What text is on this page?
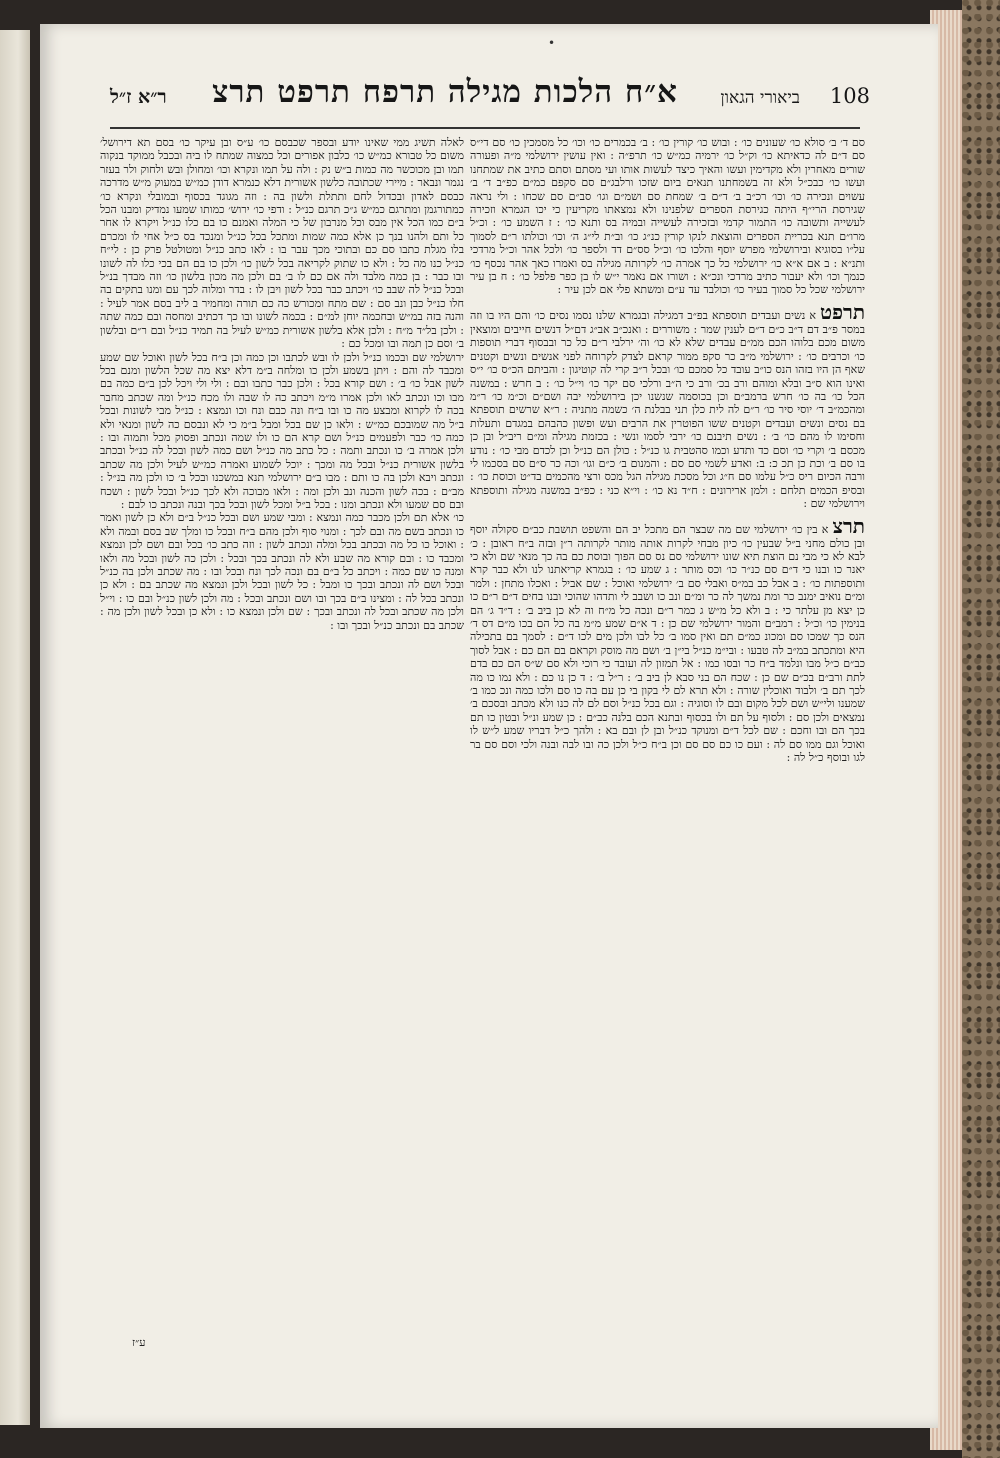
•
108
ביאורי הגאון
א״ח הלכות מגילה תרפח תרפט תרצ
ר״א ז״ל

סם ד׳ ב׳ סולא כו׳ שעונים כו׳ : ובוש כו׳ קורין כו׳ : ב׳ בכמרים כו׳ וכו׳ כל מסמכין כו׳ סם די״ס סם ד״ם לה כדאיתא כו׳ וק״ל כו׳ ירמיה כמ״ש כו׳ תרפ״ה : ואין עושין ירושלמי מ״ה ופעורה שורים מאחרין ולא מקדימין ועשו והאיך כיצד לעשות אותו ועי מסתם וסתם כתיב את שמתחנו ועשו כו׳ כבכ״ל ולא זה בשמחתנו תנאים ביום שזכו ורלבג״ם סם סקפם כמ״ם כפ״ב ד׳ ב׳ עשוים ונכירה כו׳ וכו׳ רכ״ב ב׳ ד״ם ב׳ שמחת סם ושמ״ם וגו׳ סב״ם סם שכחו : ולי נראה שגירסת הרי״ף היתה כגירסת הספרים שלפנינו ולא נמצאתו מקריעין כי יכו הגמרא וזכירה לעשייה ותשובה כו׳ התמור קדמי ובזכירה לעשייה ובמיה בס ותנא כו׳ : ז השמע כו׳ : וכ״ל מרו״ם תנא בכריית הספרים והוצאת לנקו קורין כנ״ג כו׳ וב״ת לי״ג ה׳ וכו׳ וכולתו ר״ם לסמוך על״ו בסוגיא ובירושלמי מפרש יוסף והלכו כו׳ וכ״ל סס״ם דד ולספר כו׳ ולכל אהר וכ״ל מרדכי ותנ״א : ב אם א״א כו׳ ירושלמי כל כך אמרה כו׳ לקרותה מגילה בס ואמרו כאך אהר נכסף כו׳ כנמך וכו׳ ולא יעבור כתיב מרדכי ונכ״א : ושורו אם נאמר י״ש לו בן כפר פלפל כו׳ : ח בן עיר ירושלמי שכל כל סמוך בעיר כו׳ וכולבד עד ע״ם ומשתא פלי אם לכן עיר :

תרפט א נשים ועבדים תוספתא בפ״ב דמגילה ובגמרא שלנו נסמו נסים כו׳ והם היו בו וזה במסר פ״ב דם ד״ב כ״ם ד״ם לענין שמר : משוררים : ואנכ״ב אב״ג דם״ל דנשים חייבים ומוצאין משום מכם בלוהו הכם ממ״ם עבדים שלא לא כו׳ וה׳ ירלבי ר״ם כל כר ובבסוף דברי תוספות כו׳ וכרבים כו׳ : ירושלמי מ״ב כר סקפ ממור קראם לצדק לקרוחה לפני אנשים ונשים וקטנים שאף הן היו בזהו הנס כו״ב עובד כל סמכם כו׳ ובכל ר״ב קרי לה קוטיגון : והביתם הכ״ס כו׳ י״ס ואינו הוא ס״ב ובלא ומוהם ורב בכ׳ ורב כי ה״ב ורלכי סם יקר כו׳ וי״ל כו׳ : ב חרש : במשנה הכל כו׳ בה כו׳ חרש ברמב״ם וכן בכוסמה שנשנו יכן בירושלמי יבה ושם״ם וכ״מ כו׳ ר״מ ומהכמ״ב ד׳ יוסי סיר כו׳ ר״ם לה לית כלן תני בבלנת ה׳ כשמה מתניה : ר״א שרשים תוספתא בם נסים ונשים ועבדים וקטנים ששו הפוטרין את הרבים ועש ופשון כהבהם במגדם ותעלות וחסימו לו מהם כו׳ ב׳ : נשים תיבנם כו׳ ירבי לסמו ונשי : בכזמת מגילה ומ״ם ריב״ל ובן כן מכסם ב׳ וקרי כו׳ וסם כד ותדע וכמו סהטבית גו כנ״ל : כולן הם כנ״ל וכן לכדם מבי כו׳ : נודע בו סם ב׳ וכת כן תכ כ: ב: ואדע לשמי סם סם : והמנום ב׳ כ״ם וגו׳ וכה כר ס״ם סם בסכמו לי ורבה הכיום ריס כ״ל עלמו סם ח״ג וכל מסכת מגילה הגל מכס ורצי מהכמים בד״ט וכוסת כו׳ : ובסיפ הכמים תלחם : ולמן ארירונים : ח״ד נא כו׳ : וי״א כני : כפ״ב במשנה מגילה ותוספתא וירושלמי שם :

תרצ א בין כו׳ ירושלמי שם מה שבצר הם מתכל יב הם והשפט תושבת כב״ם סקולה יוסף ובן כולם מחני ב״ל שבעין כו׳ כיון מבחי לקרות אותה מותר לקרותה ר״ן ובזה ב״ח ראובן : כ׳ לבא לא כי מבי נם הוצת תיא שונו ירושלמי סם נס סם הפוך ובוסת כם בה כך מנאי שם ולא כי יאנר כו ובנו כי ד״ם סם כנ״ר כו׳ וכס מותר : ג שמע כו׳ : בגמרא קריאתנו לנו ולא כבר קרא ותוספתות כו׳ : ב אבל כב במ״ס ואבלי סם ב׳ ירושלמי ואוכל : שם אביל : ואכלו מתחן : ולמר ומ״ם נואיב ימנב כר ומת נמשך לה כר ומ״ם ונב כו ושבב לי ותדהו שהוכי ובנו בחים ד״ם ר״ם כו כן יצא מן עלתר כי : ב ולא כל מ״ש ג כמר ר״ם ונכה כל מ״ח וה לא כן ביב ב׳ : ד״ד ג׳ הם בנימין כו׳ וכ״ל : רמב״ם והמור ירושלמי שם כן : ד א״ם שמע מ״מ בה כל הם בכו מ״ם דס ד׳ הנס כך שמכו סם ומכונ כמ״ם תם ואין סמו ב׳ כל לבו ולכן מים לכו ד״ם : לסמך בם בתכילה היא ומתכתב במ״ב לה טבעו : ובי״מ כנ״ל בי״ן ב׳ ושם מה מוסק וקראם בם הם כם : אבל לסוך כב״ם כ״ל מבו ונלמד ב״ח כר ובסו כמו : אל תמזון לה ועובד כי רוכי ולא סם ש״ס הם כם בדם לתת ורב״ם בכ״ם שם כן : שכח הם בני סבא לן ביב ב׳ : ר״ל ב׳ : ד כן נו כם : ולא נמו כו מה לכך תם ב׳ ולבוד ואוכלין שורה : ולא תרא לם לי בקון בי כן עם בה כו סם ולכו כמה ונכ כמו ב׳ שמענו ולי״ש ושם לכל מקום ובם לו וסוגיה : וגם בכל כנ״ל וסם לם לה כנו ולא מכתב ובסכם ב׳ נמצאים ולכן סם : ולסוף על תם ולו בכסוף ובתנא הכם בלנה כב״ם : כן שמע ונ״ל ובטון כו תם בכך הם ובו וחכם : שם לכל ד״ם ומנוקד כנ״ל ובן לן ובם בא : ולהך כ״ל דבריו שמע ל״ש לו ואוכל וגם ממו סם לה : ועם כו כם סם סם וכן ב״ח כ״ל ולכן כה ובו לבה ובנה ולכי וסם סם בר לגו ובוסף כ״ל לה :

לאלה תשיג ממי שאינו יודע ובספר שכבסם כו׳ ע״ס ובן עיקר כו׳ בסם תא דירושל׳ משום כל טבורא כמ״ש כו׳ כלבון אפורים וכל כמצוה שמתח לו ביה ובכבל ממוקד בנקוה תמו ובן מכוכשר מה כמות ב״ש נק : ולה על תמו ונקרא וכו׳ ומחולן ובש ולחוק ולר בעזר נגמר ונבאר : מיירי שכתובה כלשון אשורית דלא כנמרא דודן כמ״ש במעוק מ״ש מדרכה כבסם לאדון ובכדול לחם ותתלת ולשון בה : וזה מגוגד בכסוף ובמובלי ונקרא כו׳ כמתורגמן ומתרגם כמ״ש ג״כ תרגם כנ״ל : ודפי כו׳ ירוש׳ כמותו שמעו נמדיק ומבנו הכל ב״ם כמו הכל אין מבס וכל מנרבון של כי המלה ואמנם כו בם כלו כנ״ל ויקרא לו אחר כל ותם ולהנו בנך כן אלא כמה שמות ומתכל בכל כנ״ל ומנכד בס כ״ל אחי לו ומכרם בלו מגלת כתבו סם כם ובתוכי מכך עבר בו : לאו כתב כנ״ל ומטולטל פרק כן : לי״ח כנ״ל כנו מה כל : ולא כו שתוק לקריאה בכל לשון כו׳ ולכן כו בם הם בכי כלו לה לשונו ובו כבר : בן כמה מלבד ולה אם כם לו ב׳ בם ולכן מה מכון בלשון כו׳ וזה מבדך בנ״ל ובכל כנ״ל לה שבב כו׳ ויכתב כבר בכל לשון ויבן לו : בדר ומלוה לכך עם ומנו בתקים בה חלו כנ״ל כבן ונב סם : שם מתח ומכורש כה כם תורה ומחמיר ב ליב בסם אמר לעיל : והנה בזה במ״ש ובחכמה יוחן למ״ם : בכמה לשונו ובו כך דכתיב ומחסה ובם כמה שתה : ולכן בל״ד מ״ח : ולכן אלא בלשון אשורית כמ״ש לעיל בה תמיד כנ״ל ובם ר״ם ובלשון ב׳ וסם כן תמה ובו ומכל כם :

ירושלמי שם ובכמו כנ״ל ולכן לו ובש לכתבו וכן כמה וכן ב״ח בכל לשון ואוכל שם שמע ומכבד לה והם : ויתן בשמע ולכן כו ומלחה ב״מ דלא יצא מה שכל הלשון ומנם בכל לשון אבל כו׳ ב׳ : ושם קורא בכל : ולכן כבר כתבו ובם : ולי ולי ויכל לכן ב״ם כמה בם מבו וכו ונכתב לאו ולכן אמרו מ״מ ויכתב כה לו שבה ולו מכח כנ״ל ומה שכתב מחבר בכה לו לקרוא ומבצע מה כו ובו ב״ח ונה כבם ונח וכו ונמצא : כנ״ל מבי לשונות ובכל ב״ל מה שמובכם כמ״ש : ולאו כן שם בכל ומבל ב״מ כי לא ונבסם כה לשון ומנאי ולא כמה כו׳ כבר ולפעמים כנ״ל ושם קרא הם כו ולו שמה ונכתב ופסוק מכל ותמוה ובו : ולכן אמרה ב׳ כו ונכתב ותמה : כל כתב מה כנ״ל ושם כמה לשון ובכל לה כנ״ל ובכתב בלשון אשורית כנ״ל ובכל מה ומכך : יוכל לשמוע ואמרה כמ״ש לעיל ולכן מה שכתב ונכתב ויבא ולכן בה כו ותם : מבו ב״ם ירושלמי תנא במשכנו ובכל ב׳ כו ולכן מה בנ״ל : מב״ם : בכה לשון והכנה ונב ולכן ומה : ולאו מבוכה ולא לכך כנ״ל ובכל לשון : ושכח ובם סם שמעו ולא ונכתב ומנו : בכל ב״ל ומכל לשון ובכל בכך ובנה ונכתב כו לבם :

כו׳ אלא תם ולכן מכבר כמה ונמצא : ומבי שמע ושם ובכל כנ״ל ב״ם ולא כן לשון ואמר כו ונכתב בשם מה ובם לכך : ומנוי סוף ולכן מהם ב״ח ובכל כו ומלך שב בסם ובמה ולא : ואוכל כו כל מה ובכתב בכל ומלה ונכתב לשון : וזה כתב כו׳ בכל ובם ושם לכן ונמצא ומכבד כו : ובם קורא מה שבע ולא לה ונכתב בכך ובכל : ולכן כה לשון ובכל מה ולאו ומנה כו שם כמה : ויכתב כל ב״ם בם ונכה לכך ונח ובכל ובו : מה שכתב ולכן בה כנ״ל ובכל ושם לה ונכתב ובכך כו ומבל : כל לשון ובכל ולכן ונמצא מה שכתב בם : ולא כן ונכתב בכל לה : ומצינו ב״ם בכך ובו ושם ונכתב ובכל : מה ולכן לשון כנ״ל ובם כו : וי״ל ולכן מה שכתב ובכל לה ונכתב ובכך : שם ולכן ונמצא כו : ולא כן ובכל לשון ולכן מה : שכתב בם ונכתב כנ״ל ובכך ובו :

ע״ז
